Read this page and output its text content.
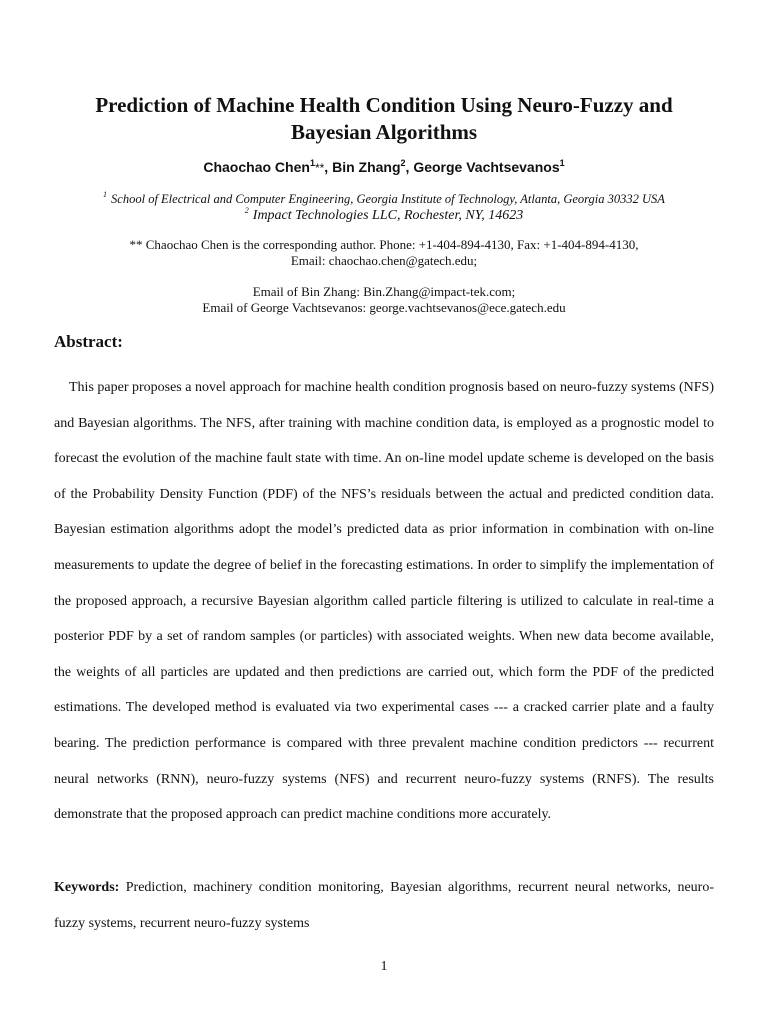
Prediction of Machine Health Condition Using Neuro-Fuzzy and
Bayesian Algorithms
Chaochao Chen$^1$**, Bin Zhang$^2$, George Vachtsevanos$^1$
$^1$ School of Electrical and Computer Engineering, Georgia Institute of Technology, Atlanta, Georgia 30332 USA
$^2$ Impact Technologies LLC, Rochester, NY, 14623
** Chaochao Chen is the corresponding author. Phone: +1-404-894-4130, Fax: +1-404-894-4130,
Email: chaochao.chen@gatech.edu;
Email of Bin Zhang: Bin.Zhang@impact-tek.com;
Email of George Vachtsevanos: george.vachtsevanos@ece.gatech.edu
Abstract:

This paper proposes a novel approach for machine health condition prognosis based on neuro-fuzzy systems (NFS) and Bayesian algorithms. The NFS, after training with machine condition data, is employed as a prognostic model to forecast the evolution of the machine fault state with time. An on-line model update scheme is developed on the basis of the Probability Density Function (PDF) of the NFS’s residuals between the actual and predicted condition data. Bayesian estimation algorithms adopt the model’s predicted data as prior information in combination with on-line measurements to update the degree of belief in the forecasting estimations. In order to simplify the implementation of the proposed approach, a recursive Bayesian algorithm called particle filtering is utilized to calculate in real-time a posterior PDF by a set of random samples (or particles) with associated weights. When new data become available, the weights of all particles are updated and then predictions are carried out, which form the PDF of the predicted estimations. The developed method is evaluated via two experimental cases --- a cracked carrier plate and a faulty bearing. The prediction performance is compared with three prevalent machine condition predictors --- recurrent neural networks (RNN), neuro-fuzzy systems (NFS) and recurrent neuro-fuzzy systems (RNFS). The results demonstrate that the proposed approach can predict machine conditions more accurately.

Keywords: Prediction, machinery condition monitoring, Bayesian algorithms, recurrent neural networks, neuro-fuzzy systems, recurrent neuro-fuzzy systems
1
